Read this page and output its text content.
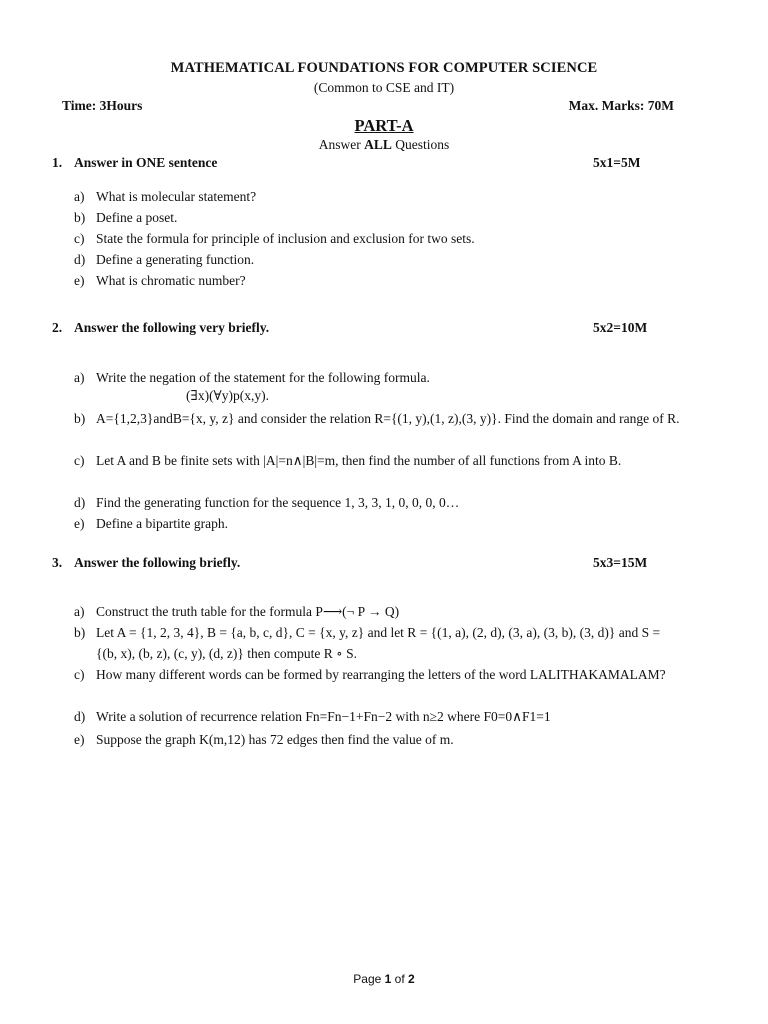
MATHEMATICAL FOUNDATIONS FOR COMPUTER SCIENCE
(Common to CSE and IT)
Time: 3Hours	Max. Marks: 70M
PART-A
Answer ALL Questions
1. Answer in ONE sentence	5x1=5M
a) What is molecular statement?
b) Define a poset.
c) State the formula for principle of inclusion and exclusion for two sets.
d) Define a generating function.
e) What is chromatic number?
2. Answer the following very briefly.	5x2=10M
a) Write the negation of the statement for the following formula.
(∃x)(∀y)p(x,y).
b) A={1,2,3}andB={x, y, z} and consider the relation R={(1, y),(1, z),(3, y)}. Find the domain and range of R.
c) Let A and B be finite sets with |A|=n∧|B|=m, then find the number of all functions from A into B.
d) Find the generating function for the sequence 1, 3, 3, 1, 0, 0, 0, 0…
e) Define a bipartite graph.
3. Answer the following briefly.	5x3=15M
a) Construct the truth table for the formula P⟶(¬ P → Q)
b) Let A = {1, 2, 3, 4}, B = {a, b, c, d}, C = {x, y, z} and let R = {(1, a), (2, d), (3, a), (3, b), (3, d)} and S = {(b, x), (b, z), (c, y), (d, z)} then compute R ∘ S.
c) How many different words can be formed by rearranging the letters of the word LALITHAKAMALAM?
d) Write a solution of recurrence relation Fn=Fn−1+Fn−2 with n≥2 where F0=0∧F1=1
e) Suppose the graph K(m,12) has 72 edges then find the value of m.
Page 1 of 2
